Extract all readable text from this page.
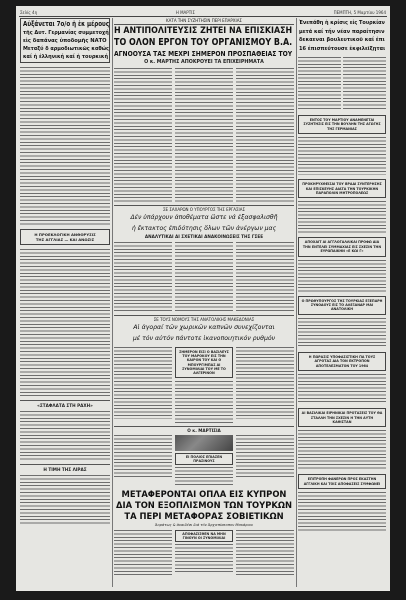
Σελίς 4η	Η ΜΑΡΤΙΣ	ΠΕΜΠΤΗ, 5 Μαρτίου 1964
Αὐξάνεται 7ο/ο ἡ ἐκ μέρους
τῆς Δυτ. Γερμανίας συμμετοχή
εἰς δαπάνας ὑποδομῆς ΝΑΤΟ
Μεταξύ δ αρμοδιωτικῶς καθώς
καί ἡ ἑλληνική καί ἡ τουρκική
Η ΠΡΟΕΚΛΟΓΙΚΗ ΑΝΘΟΡΥΣΙΣ
ΤΗΣ ΑΓΓΛΙΑΣ — ΚΑΙ ΑΝΩΣΙΣ
«ΣΤΑΦΛΑΤΑ ΣΤΗ ΡΑΧΗ»
Η ΤΙΜΗ ΤΗΣ ΛΙΡΑΣ
ΚΑΤΑ ΤΗΝ ΣΥΖΗΤΗΣΙΝ ΠΕΡΙ ΕΠΑΡΧΙΑΣ
Η ΑΝΤΙΠΟΛΙΤΕΥΣΙΣ ΖΗΤΕΙ ΝΑ ΕΠΙΣΚΙΑΣΗ
ΤΟ ΟΛΟΝ ΕΡΓΟΝ ΤΟΥ ΟΡΓΑΝΙΣΜΟΥ Β.Α.
ΑΓΝΟΟΥΣΑ ΤΑΣ ΜΕΧΡΙ ΣΗΜΕΡΟΝ ΠΡΟΣΠΑΘΕΙΑΣ ΤΟΥ
Ο κ. ΜΑΡΤΗΣ ΑΠΟΚΡΟΥΕΙ ΤΑ ΕΠΙΧΕΙΡΗΜΑΤΑ
ΣΕ ΣΑΧΑΡΩΝ Ο ΥΠΟΥΡΓΟΣ ΤΗΣ ΕΡΓΑΣΙΑΣ
Δέν ὑπάρχουν ἀποθέματα ὥστε νά ἐξασφαλισθῆ
ἡ ἔκτακτος ἐπιδότησις ὅλων τῶν ἀνέργων μας
ΑΝΑΛΥΤΙΚΑΙ ΑΙ ΣΧΕΤΙΚΑΙ ΑΝΑΚΟΙΝΩΣΕΙΣ ΤΗΣ ΓΣΕΕ
ΣΕ ΤΟΥΣ ΝΟΜΟΥΣ ΤΗΣ ΑΝΑΤΟΛΙΚΗΣ ΜΑΚΕΔΟΝΙΑΣ
Αἱ ἀγοραί τῶν χωρικῶν καπνῶν συνεχίζονται
μέ τόν αὐτόν πάντοτε ἱκανοποιητικόν ρυθμόν
ΣΗΜΕΡΟΝ ΕΙΣΙ Ο ΒΑΣΙΛΕΥΣ ΤΟΥ ΜΑΡΟΚΟΥ ΕΙΣ ΤΗΝ ΚΑΙΡΟΝ ΤΟΥ ΚΑΙ Ο ΜΠΟΥΡΓΙΜΠΑΣ ΑΙ ΣΥΝΟΜΙΛΙΑΙ ΤΟΥ ΜΕ ΤΟ ΑΛΓΕΡΙΝΟΝ
Ο κ. ΜΑΡΤΙΣΙΑ
ΕΙ ΠΟΛΙΟΣ ΕΠΙΑΣΕΝ ΠΡΑΣΙΝΟΥΣ
ΜΕΤΑΦΕΡΟΝΤΑΙ ΟΠΛΑ ΕΙΣ ΚΥΠΡΟΝ
ΔΙΑ ΤΟΝ ΕΞΟΠΛΙΣΜΟΝ ΤΩΝ ΤΟΥΡΚΩΝ
ΤΑ ΠΕΡΙ ΜΕΤΑΦΟΡΑΣ ΣΟΒΙΕΤΙΚΩΝ
Ἀοράτως & ἀναιδέσι διά τόν Ἀρχιεπίσκοπον Μακάριον
ΑΠΟΦΑΣΙΣΘΕΝ ΝΑ ΜΗΝ ΓΙΝΟΥΝ ΟΙ ΣΥΝΟΜΙΛΙΑΙ
Ἐνεπάθη ἡ κρίσις εἰς Τουρκίαν
μετά καί τήν νέαν παραίτησιν
δεκαεναι βουλευτικοῦ καί ἐπι
16 ἐπισπεύτουσε ἐκφιλεῖξῃται
ΕΝΤΟΣ ΤΟΥ ΜΑΡΤΙΟΥ ΑΝΑΜΕΝΕΤΑΙ ΣΥΖΗΤΗΣΙΣ ΕΙΣ ΤΗΝ ΒΟΥΛΗΝ ΤΗΣ ΑΓΩΓΗΣ ΤΗΣ ΓΕΡΜΑΝΙΑΣ
ΠΡΟΚΗΡΥΧΘΕΙΣΑΙ ΤΟΥ ΒΡΑΔΙ ΣΥΝΤΕΡΗΣΗΣ ΚΑΙ ΕΠΙΣΚΕΥΗΣ ΔΙΑΤΑ ΤΗΝ ΤΟΥΡΚΙΚΗΝ ΠΑΡΑΠΟΛΙΝ ΜΗΤΡΟΠΟΛΕΩΣ
ΑΠΟΧΑΙΤ ΑΙ ΑΓΓΛΟΓΑΛΛΙΚΑΙ ΠΡΟΦΩ ΔΙΑ ΤΗΝ ΕΝΤΕΛΕΙ ΣΥΜΜΑΧΙΑΣ ΕΙΣ ΣΧΕΣΙΝ ΤΗΝ ΕΥΡΩΠΑΙΚΗΝ «Ε ΚΩΙ Γ»
Ο ΠΡΩΘΥΠΟΥΡΓΟΣ ΤΗΣ ΤΟΥΡΚΙΑΣ ΕΞΕΠΑΡΗ ΣΥΝΟΔΟΥΣ ΕΙΣ ΤΟ ΑΛΕΞΑΝΔΡ ΜΑΙ ΑΝΑΤΟΛΙΚΗ
Η ΠΩΡΑΣΙΣ ΥΠΟΦΑΣΙΣΤΙΚΗ ΠΑ ΤΟΥΣ ΑΓΡΟΤΑΣ ΔΙΑ ΤΟΝ ΕΚΤΡΟΠΟΝ ΑΠΟΤΕΛΕΣΜΑΤΟΝ ΤΟΥ 1964
ΑΙ ΒΑΣΙΛΙΚΑΙ ΕΙΡΗΝΙΚΑΙ ΠΡΟΤΑΣΕΙΣ ΤΟΥ ΘΑ ΣΤΑΛΛΗ ΤΗΝ ΣΧΕΣΙΝ Η ΤΗΝ ΑΥΤΗ ΚΑΘΙΣΤΑΝ
ΕΠΙΤΡΟΠΗ ΦΑΝΕΡΩΝ ΠΡΟΣ ΕΚΑΣΤΗΝ ΑΓΓΛΙΚΗ ΚΑΙ ΤΟΙΣ ΑΠΟΦΑΣΕΙΣ ΣΥΜΦΩΝΕΙ
